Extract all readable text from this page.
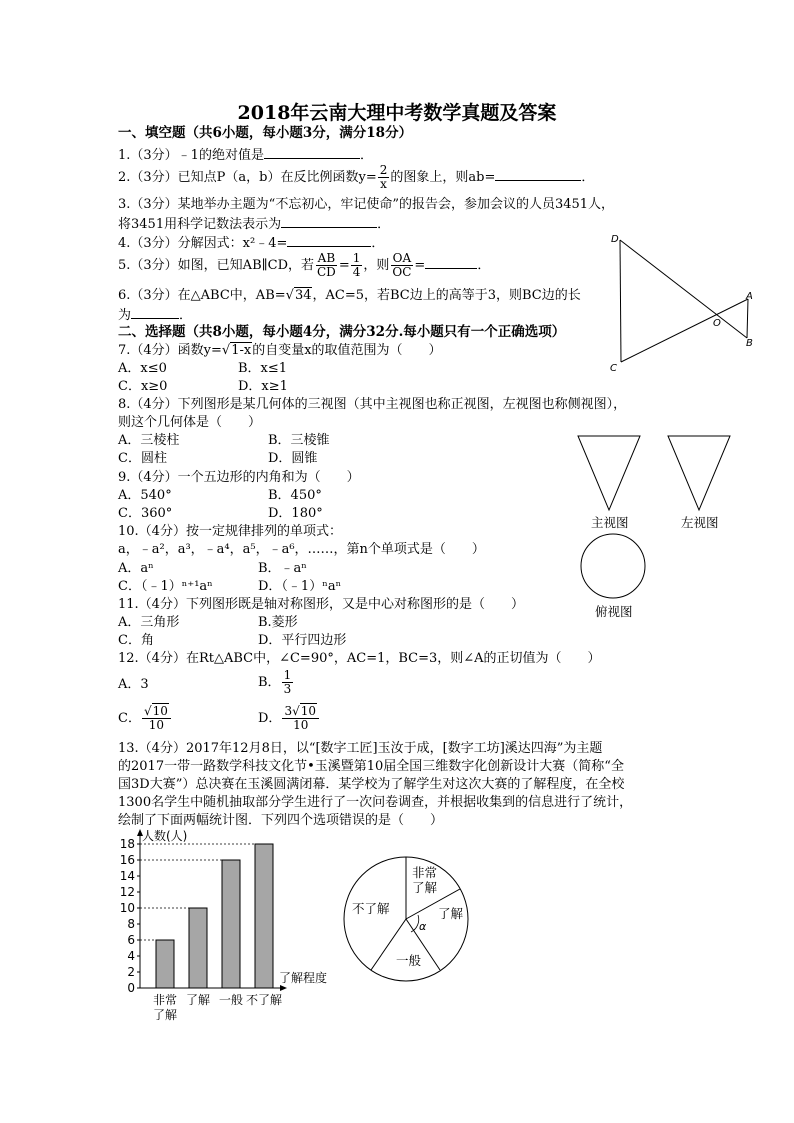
2018年云南大理中考数学真题及答案
一、填空题（共6小题，每小题3分，满分18分）
1.（3分）﹣1的绝对值是	．
2.（3分）已知点P（a，b）在反比例函数$y= \frac{2}{x}$ 的图象上，则ab=	．
3.（3分）某地举办主题为“不忘初心，牢记使命”的报告会，参加会议的人员3451人，
将3451用科学记数法表示为	．
4.（3分）分解因式：x²﹣4=	．
5.（3分）如图，已知AB∥CD，若 $\frac{AB}{CD} = \frac{1}{4}$ ，则 $\frac{OA}{OC}$ =	．
6.（3分）在△ABC中，AB=√34，AC=5，若BC边上的高等于3，则BC边的长
为	．
二、选择题（共8小题，每小题4分，满分32分.每小题只有一个正确选项）
7.（4分）函数y=√1-x的自变量x的取值范围为（　　）
A．x≤0	B．x≤1
C．x≥0	D．x≥1
8.（4分）下列图形是某几何体的三视图（其中主视图也称正视图，左视图也称侧视图），
则这个几何体是（　　）
A．三棱柱	B．三棱锥
C．圆柱	D．圆锥
9.（4分）一个五边形的内角和为（　　）
A．540°	B．450°
C．360°	D．180°
10.（4分）按一定规律排列的单项式：
a，﹣a²，a³，﹣a⁴，a⁵，﹣a⁶，……，第n个单项式是（　　）
A．aⁿ	B．﹣aⁿ
C．（﹣1）ⁿ⁺¹aⁿ	D．（﹣1）ⁿaⁿ
11.（4分）下列图形既是轴对称图形，又是中心对称图形的是（　　）
A．三角形	B.菱形
C．角	D．平行四边形
12.（4分）在Rt△ABC中，∠C=90°，AC=1，BC=3，则∠A的正切值为（　　）
A．3	B． $\frac{1}{3}$
C． $\frac{√10}{10}$	D． $\frac{3√10}{10}$
13.（4分）2017年12月8日，以“[数字工匠]玉汝于成，[数字工坊]溪达四海”为主题
的2017一带一路数学科技文化节•玉溪暨第10届全国三维数字化创新设计大赛（简称“全
国3D大赛”）总决赛在玉溪圆满闭幕．某学校为了解学生对这次大赛的了解程度，在全校
1300名学生中随机抽取部分学生进行了一次问卷调查，并根据收集到的信息进行了统计，
绘制了下面两幅统计图．下列四个选项错误的是（　　）
D
A
O
C
B
主视图	左视图
俯视图
18
16
14
12
10
8
6
4
2
0
人数(人)
了解程度
非常
了解
了解 一般 不了解
非常
了解
了解
α
一般
不了解
